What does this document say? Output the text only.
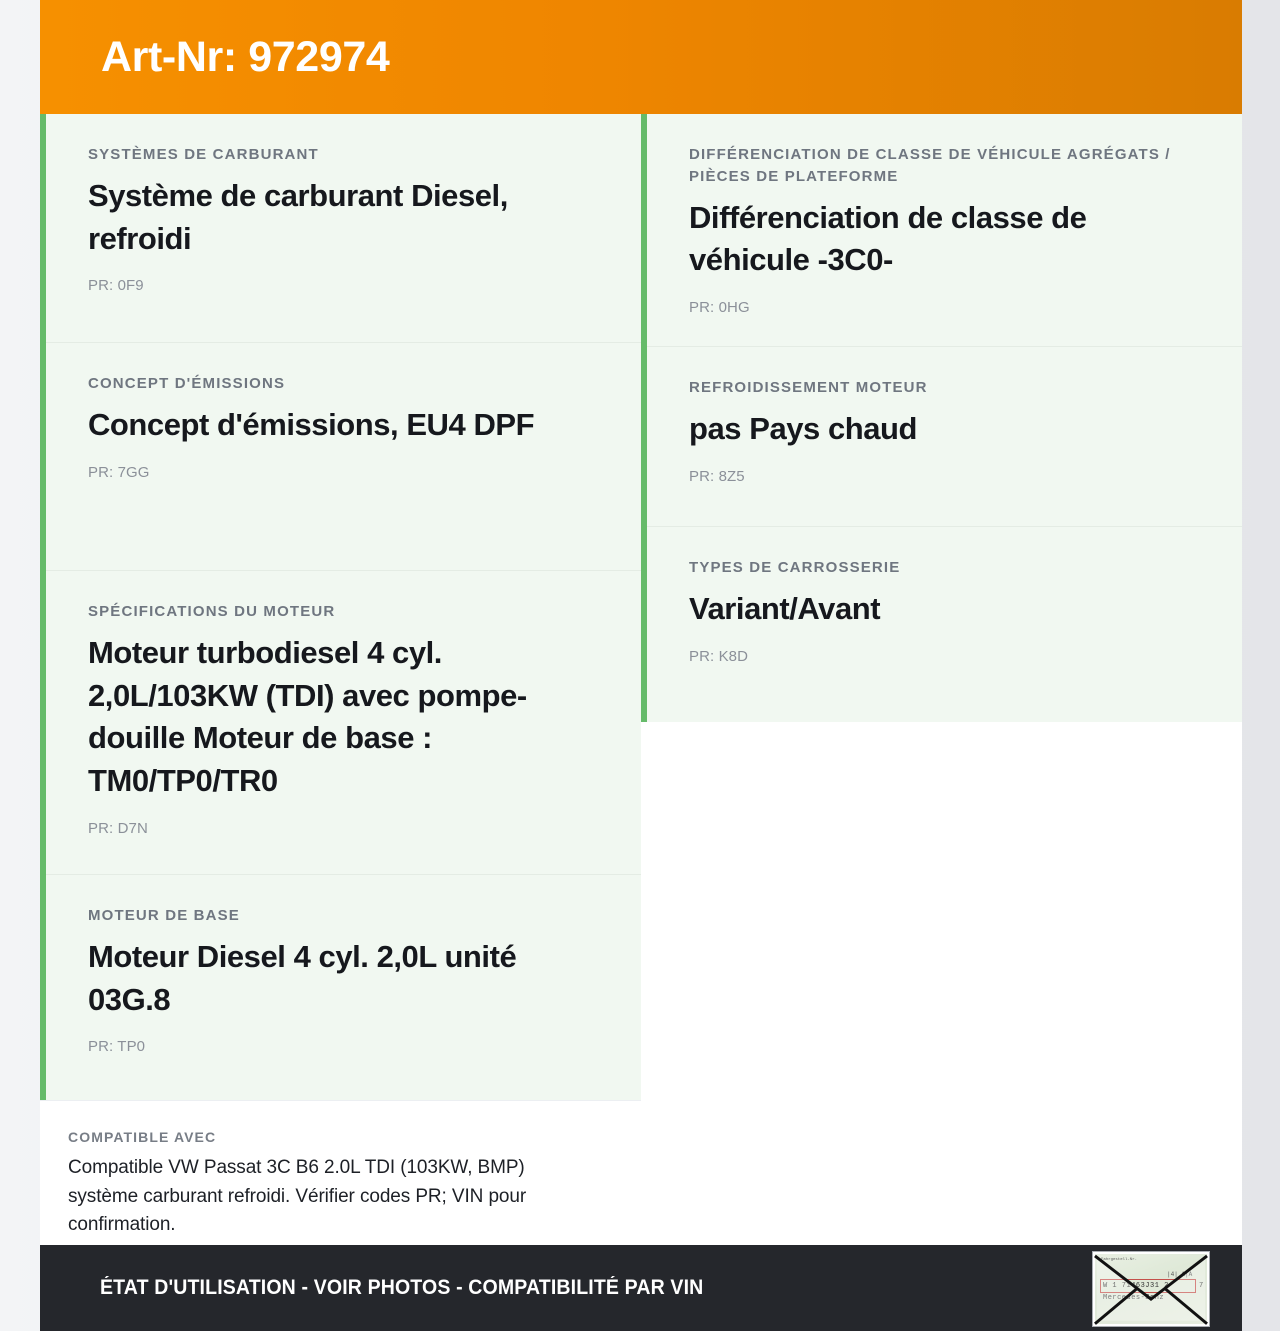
Art-Nr: 972974
SYSTÈMES DE CARBURANT
Système de carburant Diesel, refroidi
PR: 0F9
CONCEPT D'ÉMISSIONS
Concept d'émissions, EU4 DPF
PR: 7GG
SPÉCIFICATIONS DU MOTEUR
Moteur turbodiesel 4 cyl. 2,0L/103KW (TDI) avec pompe-douille Moteur de base : TM0/TP0/TR0
PR: D7N
MOTEUR DE BASE
Moteur Diesel 4 cyl. 2,0L unité 03G.8
PR: TP0
COMPATIBLE AVEC
Compatible VW Passat 3C B6 2.0L TDI (103KW, BMP) système carburant refroidi. Vérifier codes PR; VIN pour confirmation.
DIFFÉRENCIATION DE CLASSE DE VÉHICULE AGRÉGATS / PIÈCES DE PLATEFORME
Différenciation de classe de véhicule -3C0-
PR: 0HG
REFROIDISSEMENT MOTEUR
pas Pays chaud
PR: 8Z5
TYPES DE CARROSSERIE
Variant/Avant
PR: K8D
ÉTAT D'UTILISATION - VOIR PHOTOS - COMPATIBILITÉ PAR VIN
Fahrgestell-Nr.
|4| A|A
W 1 71463J31 2	7
Mercedes-Benz
